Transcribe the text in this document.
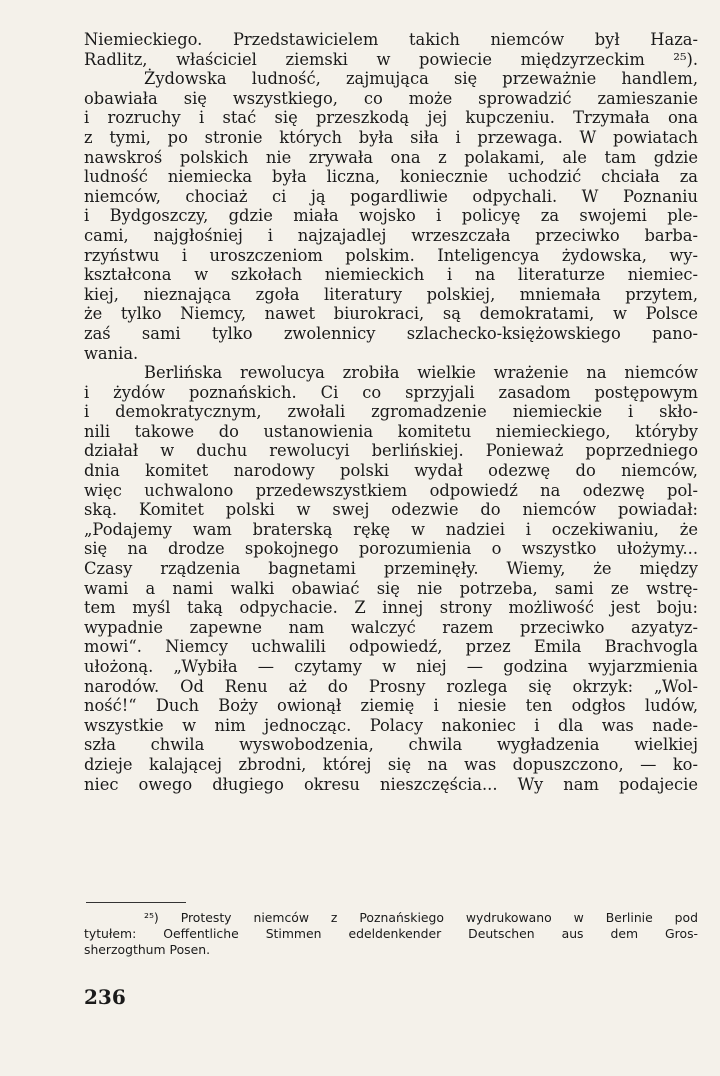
Niemieckiego. Przedstawicielem takich niemców był Haza-
Radlitz, właściciel ziemski w powiecie międzyrzeckim ²⁵).
Żydowska ludność, zajmująca się przeważnie handlem,
obawiała się wszystkiego, co może sprowadzić zamieszanie
i rozruchy i stać się przeszkodą jej kupczeniu. Trzymała ona
z tymi, po stronie których była siła i przewaga. W powiatach
nawskroś polskich nie zrywała ona z polakami, ale tam gdzie
ludność niemiecka była liczna, koniecznie uchodzić chciała za
niemców, chociaż ci ją pogardliwie odpychali. W Poznaniu
i Bydgoszczy, gdzie miała wojsko i policyę za swojemi ple-
cami, najgłośniej i najzajadlej wrzeszczała przeciwko barba-
rzyństwu i uroszczeniom polskim. Inteligencya żydowska, wy-
kształcona w szkołach niemieckich i na literaturze niemiec-
kiej, nieznająca zgoła literatury polskiej, mniemała przytem,
że tylko Niemcy, nawet biurokraci, są demokratami, w Polsce
zaś sami tylko zwolennicy szlachecko-księżowskiego pano-
wania.
Berlińska rewolucya zrobiła wielkie wrażenie na niemców
i żydów poznańskich. Ci co sprzyjali zasadom postępowym
i demokratycznym, zwołali zgromadzenie niemieckie i skło-
nili takowe do ustanowienia komitetu niemieckiego, któryby
działał w duchu rewolucyi berlińskiej. Ponieważ poprzedniego
dnia komitet narodowy polski wydał odezwę do niemców,
więc uchwalono przedewszystkiem odpowiedź na odezwę pol-
ską. Komitet polski w swej odezwie do niemców powiadał:
„Podajemy wam braterską rękę w nadziei i oczekiwaniu, że
się na drodze spokojnego porozumienia o wszystko ułożymy...
Czasy rządzenia bagnetami przeminęły. Wiemy, że między
wami a nami walki obawiać się nie potrzeba, sami ze wstrę-
tem myśl taką odpychacie. Z innej strony możliwość jest boju:
wypadnie zapewne nam walczyć razem przeciwko azyatyz-
mowi“. Niemcy uchwalili odpowiedź, przez Emila Brachvogla
ułożoną. „Wybiła — czytamy w niej — godzina wyjarzmienia
narodów. Od Renu aż do Prosny rozlega się okrzyk: „Wol-
ność!“ Duch Boży owionął ziemię i niesie ten odgłos ludów,
wszystkie w nim jednocząc. Polacy nakoniec i dla was nade-
szła chwila wyswobodzenia, chwila wygładzenia wielkiej
dzieje kalającej zbrodni, której się na was dopuszczono, — ko-
niec owego długiego okresu nieszczęścia... Wy nam podajecie
²⁵) Protesty niemców z Poznańskiego wydrukowano w Berlinie pod
tytułem: Oeffentliche Stimmen edeldenkender Deutschen aus dem Gros-
sherzogthum Posen.
236
